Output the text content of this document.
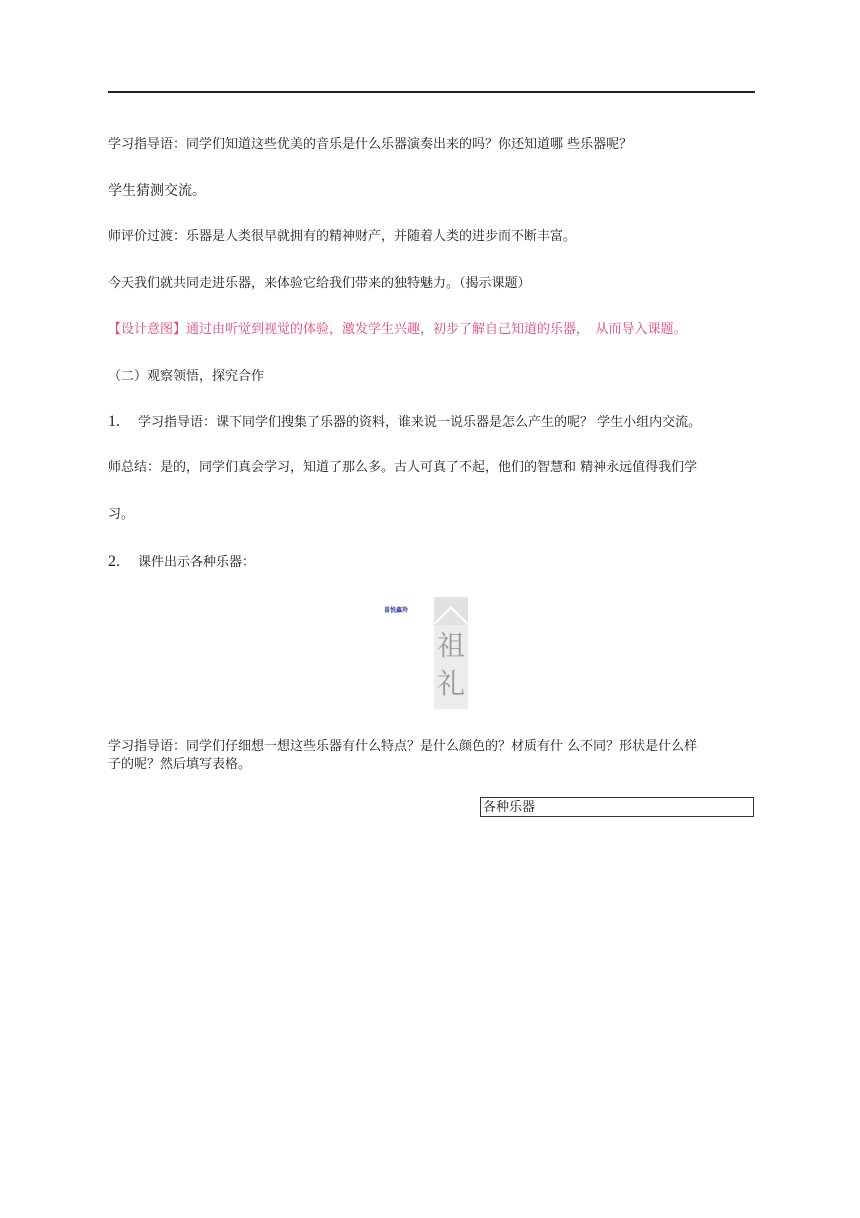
学习指导语：同学们知道这些优美的音乐是什么乐器演奏出来的吗？你还知道哪 些乐器呢？
学生猜测交流。
师评价过渡：乐器是人类很早就拥有的精神财产，并随着人类的进步而不断丰富。
今天我们就共同走进乐器，来体验它给我们带来的独特魅力。（揭示课题）
【设计意图】通过由听觉到视觉的体验，激发学生兴趣，初步了解自己知道的乐器，　从而导入课题。
（二）观察领悟，探究合作
1. 学习指导语：课下同学们搜集了乐器的资料，谁来说一说乐器是怎么产生的呢？ 学生小组内交流。
师总结：是的，同学们真会学习，知道了那么多。古人可真了不起，他们的智慧和 精神永远值得我们学
习。
2. 课件出示各种乐器：
喜悦鑫羚
祖
礼
学习指导语：同学们仔细想一想这些乐器有什么特点？是什么颜色的？材质有什 么不同？形状是什么样
子的呢？然后填写表格。
各种乐器
